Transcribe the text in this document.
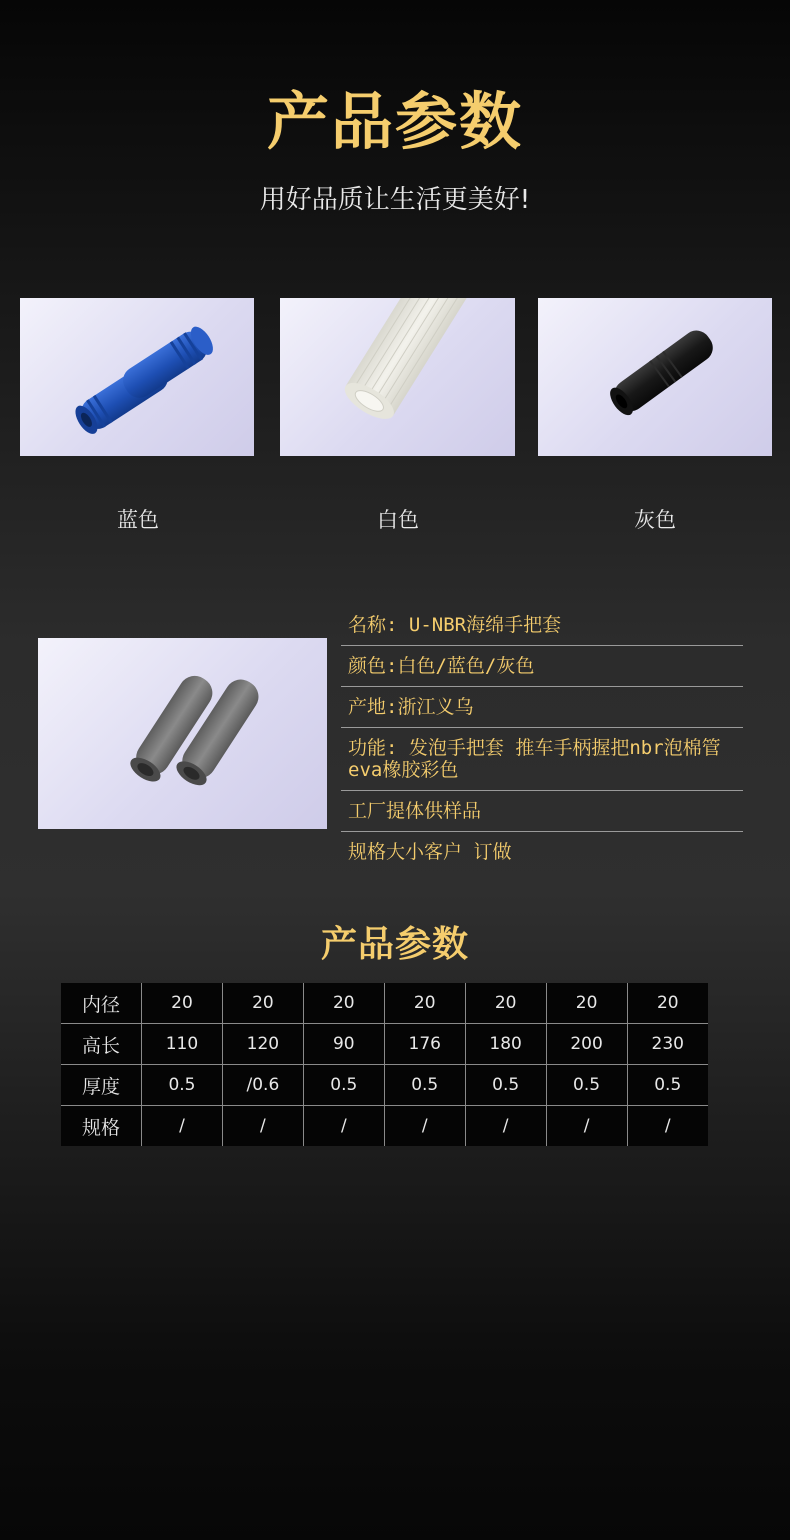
产品参数
用好品质让生活更美好!
蓝色	白色	灰色
名称: U-NBR海绵手把套
颜色:白色/蓝色/灰色
产地:浙江义乌
功能: 发泡手把套 推车手柄握把nbr泡棉管eva橡胶彩色
工厂提体供样品
规格大小客户 订做
产品参数
内径	20	20	20	20	20	20	20
高长	110	120	90	176	180	200	230
厚度	0.5	/0.6	0.5	0.5	0.5	0.5	0.5
规格	/	/	/	/	/	/	/
